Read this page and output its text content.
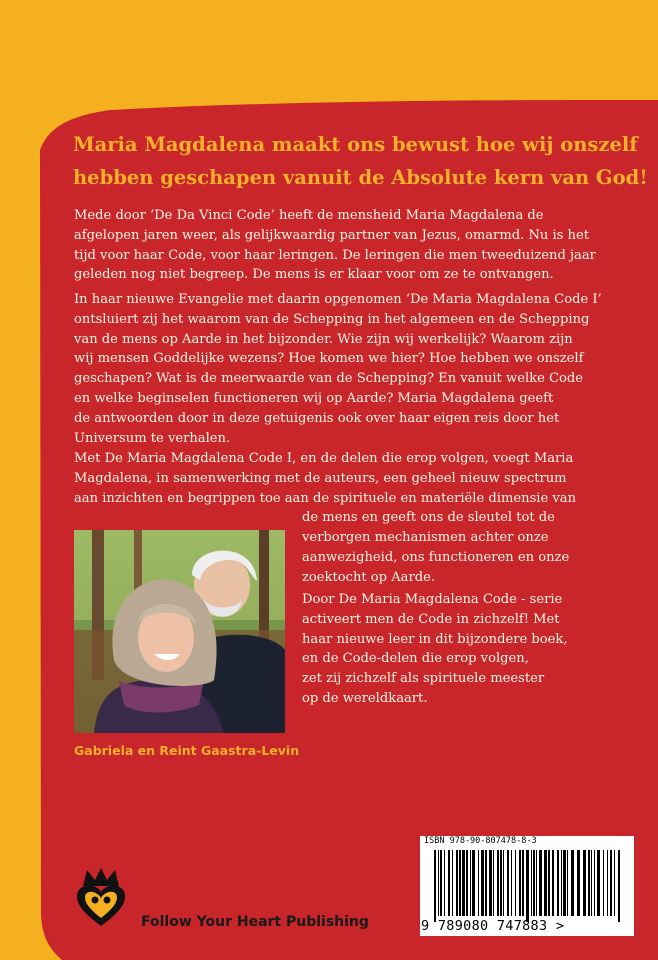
Maria Magdalena maakt ons bewust hoe wij onszelf
hebben geschapen vanuit de Absolute kern van God!

Mede door ‘De Da Vinci Code’ heeft de mensheid Maria Magdalena de
afgelopen jaren weer, als gelijkwaardig partner van Jezus, omarmd. Nu is het
tijd voor haar Code, voor haar leringen. De leringen die men tweeduizend jaar
geleden nog niet begreep. De mens is er klaar voor om ze te ontvangen.

In haar nieuwe Evangelie met daarin opgenomen ‘De Maria Magdalena Code I’
ontsluiert zij het waarom van de Schepping in het algemeen en de Schepping
van de mens op Aarde in het bijzonder. Wie zijn wij werkelijk? Waarom zijn
wij mensen Goddelijke wezens? Hoe komen we hier? Hoe hebben we onszelf
geschapen? Wat is de meerwaarde van de Schepping? En vanuit welke Code
en welke beginselen functioneren wij op Aarde? Maria Magdalena geeft
de antwoorden door in deze getuigenis ook over haar eigen reis door het
Universum te verhalen.

Met De Maria Magdalena Code I, en de delen die erop volgen, voegt Maria
Magdalena, in samenwerking met de auteurs, een geheel nieuw spectrum
aan inzichten en begrippen toe aan de spirituele en materiële dimensie van
de mens en geeft ons de sleutel tot de
verborgen mechanismen achter onze
aanwezigheid, ons functioneren en onze
zoektocht op Aarde.

Door De Maria Magdalena Code - serie
activeert men de Code in zichzelf! Met
haar nieuwe leer in dit bijzondere boek,
en de Code-delen die erop volgen,
zet zij zichzelf als spirituele meester
op de wereldkaart.

Gabriela en Reint Gaastra-Levin

Follow Your Heart Publishing

ISBN 978-90-807478-8-3
9 789080 747883 >
